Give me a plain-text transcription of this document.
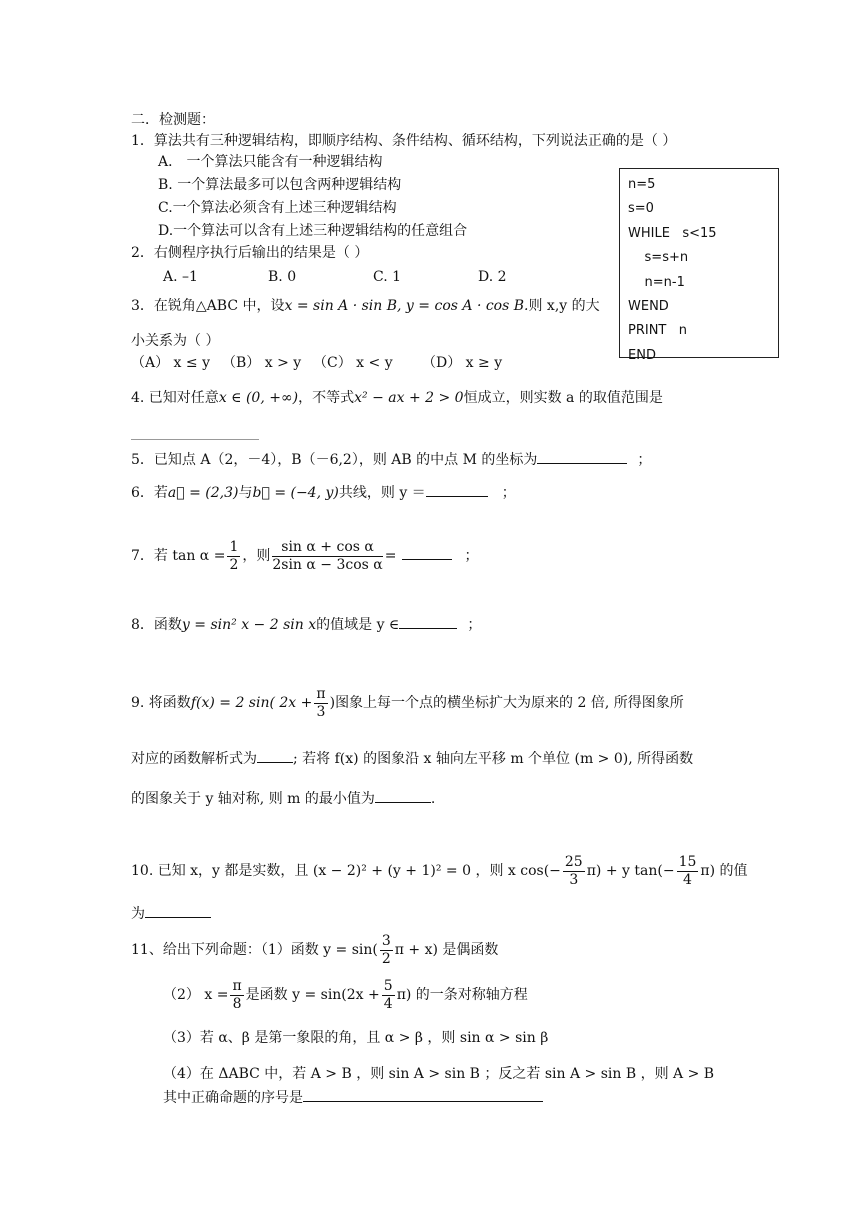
二．检测题：
1．算法共有三种逻辑结构，即顺序结构、条件结构、循环结构，下列说法正确的是（ ）
A． 一个算法只能含有一种逻辑结构
B. 一个算法最多可以包含两种逻辑结构
C.一个算法必须含有上述三种逻辑结构
D.一个算法可以含有上述三种逻辑结构的任意组合
n=5
s=0
WHILE   s<15
s=s+n
n=n-1
WEND
PRINT   n
END
2．右侧程序执行后输出的结果是（ ）
A. –1	B. 0	C. 1	D. 2
3．在锐角△ABC 中，设x = sin A · sin B, y = cos A · cos B.则 x,y 的大
小关系为（ ）
（A） x ≤ y （B） x > y （C） x < y （D） x ≥ y
4. 已知对任意x ∈ (0, +∞)，不等式x² − ax + 2 > 0恒成立，则实数 a 的取值范围是
5．已知点 A（2，－4），B（－6,2），则 AB 的中点 M 的坐标为	；
6．若a⃗ = (2,3)与b⃗ = (−4, y)共线，则 y ＝	；
7．若 $\tan \alpha = \frac{1}{2}$ ，则 $\frac{\text{sin α + cos α}}{\text{2sin α − 3cos α}}$ =	；
8．函数y = sin² x − 2 sin x的值域是 y ∈	；
9. 将函数f(x) = 2 sin( $2x + \frac{\pi}{3}$ )图象上每一个点的横坐标扩大为原来的 2 倍, 所得图象所
对应的函数解析式为	; 若将 f(x) 的图象沿 x 轴向左平移 m 个单位 (m > 0), 所得函数
的图象关于 y 轴对称, 则 m 的最小值为	.
10. 已知 x，y 都是实数，且 (x − 2)² + (y + 1)² = 0 ，则 x $\cos(- \frac{25}{3} \pi) + y$ $\tan(- \frac{15}{4} \pi)$ 的值
为
11、给出下列命题：（1）函数 $y = \sin( \frac{3}{2}$ π + x) 是偶函数
（2） $x = \frac{\pi}{8}$ 是函数 $y = \sin(2x + \frac{5}{4} \pi)$ 的一条对称轴方程
（3）若 α、β 是第一象限的角，且 α > β ，则 sin α > sin β
（4）在 ΔABC 中，若 A > B ，则 sin A > sin B ；反之若 sin A > sin B ，则 A > B
其中正确命题的序号是
